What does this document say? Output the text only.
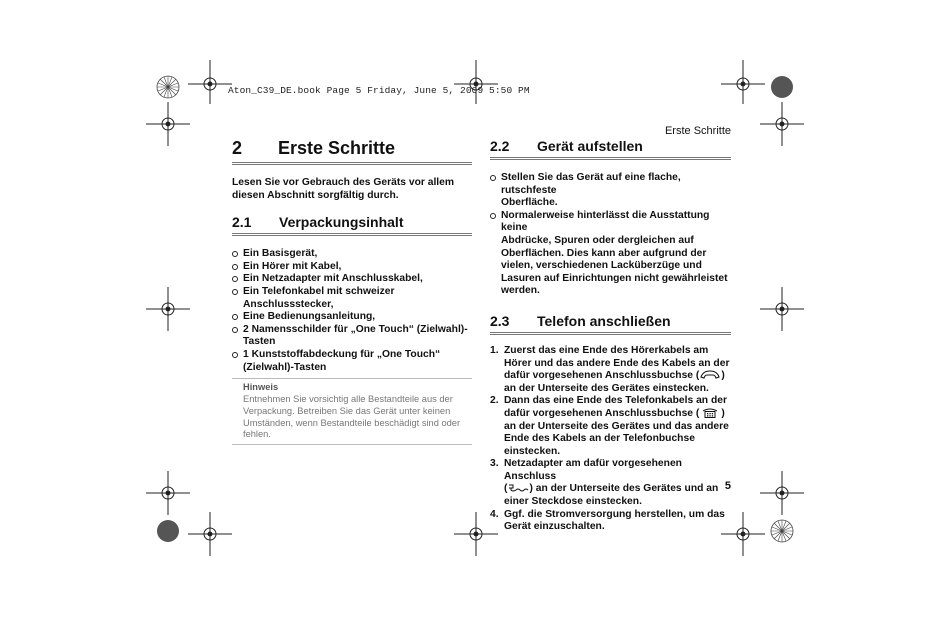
Aton_C39_DE.book Page 5 Friday, June 5, 2009 5:50 PM
Erste Schritte
5
2	Erste Schritte
Lesen Sie vor Gebrauch des Geräts vor allem
diesen Abschnitt sorgfältig durch.
2.1	Verpackungsinhalt
Ein Basisgerät,
Ein Hörer mit Kabel,
Ein Netzadapter mit Anschlusskabel,
Ein Telefonkabel mit schweizer
Anschlussstecker,
Eine Bedienungsanleitung,
2 Namensschilder für „One Touch“ (Zielwahl)-
Tasten
1 Kunststoffabdeckung für „One Touch“
(Zielwahl)-Tasten
Hinweis
Entnehmen Sie vorsichtig alle Bestandteile aus der
Verpackung. Betreiben Sie das Gerät unter keinen
Umständen, wenn Bestandteile beschädigt sind oder
fehlen.
2.2	Gerät aufstellen
Stellen Sie das Gerät auf eine flache, rutschfeste
Oberfläche.
Normalerweise hinterlässt die Ausstattung keine
Abdrücke, Spuren oder dergleichen auf
Oberflächen. Dies kann aber aufgrund der
vielen, verschiedenen Lacküberzüge und
Lasuren auf Einrichtungen nicht gewährleistet
werden.
2.3	Telefon anschließen
1. Zuerst das eine Ende des Hörerkabels am
Hörer und das andere Ende des Kabels an der
dafür vorgesehenen Anschlussbuchse ( )
an der Unterseite des Gerätes einstecken.
2. Dann das eine Ende des Telefonkabels an der
dafür vorgesehenen Anschlussbuchse ( )
an der Unterseite des Gerätes und das andere
Ende des Kabels an der Telefonbuchse
einstecken.
3. Netzadapter am dafür vorgesehenen Anschluss
( ) an der Unterseite des Gerätes und an
einer Steckdose einstecken.
4. Ggf. die Stromversorgung herstellen, um das
Gerät einzuschalten.
